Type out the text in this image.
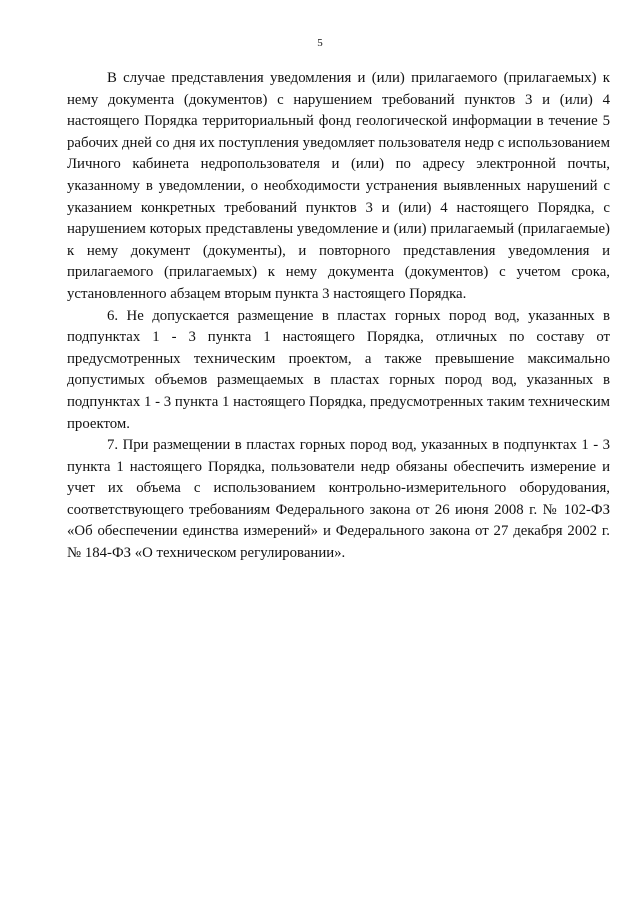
5

В случае представления уведомления и (или) прилагаемого (прилагаемых) к нему документа (документов) с нарушением требований пунктов 3 и (или) 4 настоящего Порядка территориальный фонд геологической информации в течение 5 рабочих дней со дня их поступления уведомляет пользователя недр с использованием Личного кабинета недропользователя и (или) по адресу электронной почты, указанному в уведомлении, о необходимости устранения выявленных нарушений с указанием конкретных требований пунктов 3 и (или) 4 настоящего Порядка, с нарушением которых представлены уведомление и (или) прилагаемый (прилагаемые) к нему документ (документы), и повторного представления уведомления и прилагаемого (прилагаемых) к нему документа (документов) с учетом срока, установленного абзацем вторым пункта 3 настоящего Порядка.

6. Не допускается размещение в пластах горных пород вод, указанных в подпунктах 1 - 3 пункта 1 настоящего Порядка, отличных по составу от предусмотренных техническим проектом, а также превышение максимально допустимых объемов размещаемых в пластах горных пород вод, указанных в подпунктах 1 - 3 пункта 1 настоящего Порядка, предусмотренных таким техническим проектом.

7. При размещении в пластах горных пород вод, указанных в подпунктах 1 - 3 пункта 1 настоящего Порядка, пользователи недр обязаны обеспечить измерение и учет их объема с использованием контрольно-измерительного оборудования, соответствующего требованиям Федерального закона от 26 июня 2008 г. № 102-ФЗ «Об обеспечении единства измерений» и Федерального закона от 27 декабря 2002 г. № 184-ФЗ «О техническом регулировании».
